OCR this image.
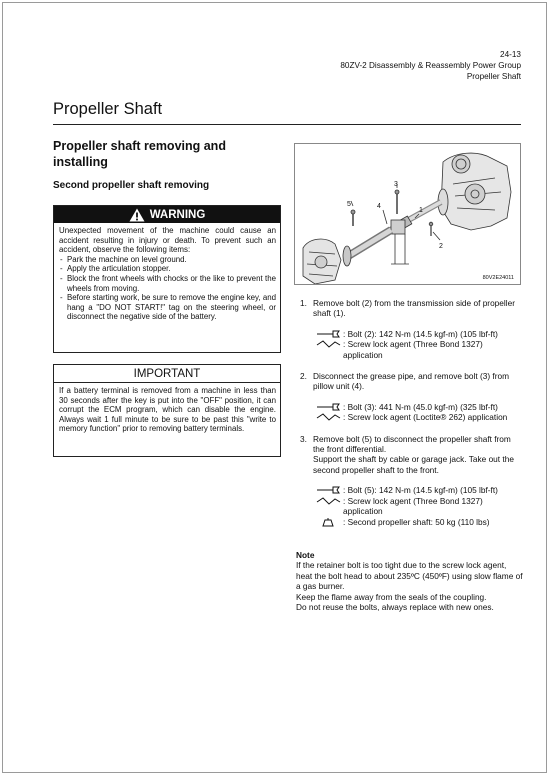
24-13
80ZV-2 Disassembly & Reassembly Power Group
Propeller Shaft
Propeller Shaft
Propeller shaft removing and installing
Second propeller shaft removing
WARNING
Unexpected movement of the machine could cause an accident resulting in injury or death. To prevent such an accident, observe the following items:
- Park the machine on level ground.
- Apply the articulation stopper.
- Block the front wheels with chocks or the like to prevent the wheels from moving.
- Before starting work, be sure to remove the engine key, and hang a "DO NOT START!" tag on the steering wheel, or disconnect the negative side of the battery.
IMPORTANT
If a battery terminal is removed from a machine in less than 30 seconds after the key is put into the "OFF" position, it can corrupt the ECM program, which can disable the engine. Always wait 1 full minute to be sure to be past this "write to memory function" prior to removing battery terminals.
5	4
3
2
1
80V2E24011
1. Remove bolt (2) from the transmission side of propeller shaft (1).
: Bolt (2): 142 N-m (14.5 kgf-m) (105 lbf-ft)
: Screw lock agent (Three Bond 1327) application
2. Disconnect the grease pipe, and remove bolt (3) from pillow unit (4).
: Bolt (3): 441 N-m (45.0 kgf-m) (325 lbf-ft)
: Screw lock agent (Loctite® 262) application
3. Remove bolt (5) to disconnect the propeller shaft from the front differential.
Support the shaft by cable or garage jack. Take out the second propeller shaft to the front.
: Bolt (5): 142 N-m (14.5 kgf-m) (105 lbf-ft)
: Screw lock agent (Three Bond 1327) application
: Second propeller shaft: 50 kg (110 lbs)
Note
If the retainer bolt is too tight due to the screw lock agent, heat the bolt head to about 235ºC (450ºF) using slow flame of a gas burner.
Keep the flame away from the seals of the coupling.
Do not reuse the bolts, always replace with new ones.
